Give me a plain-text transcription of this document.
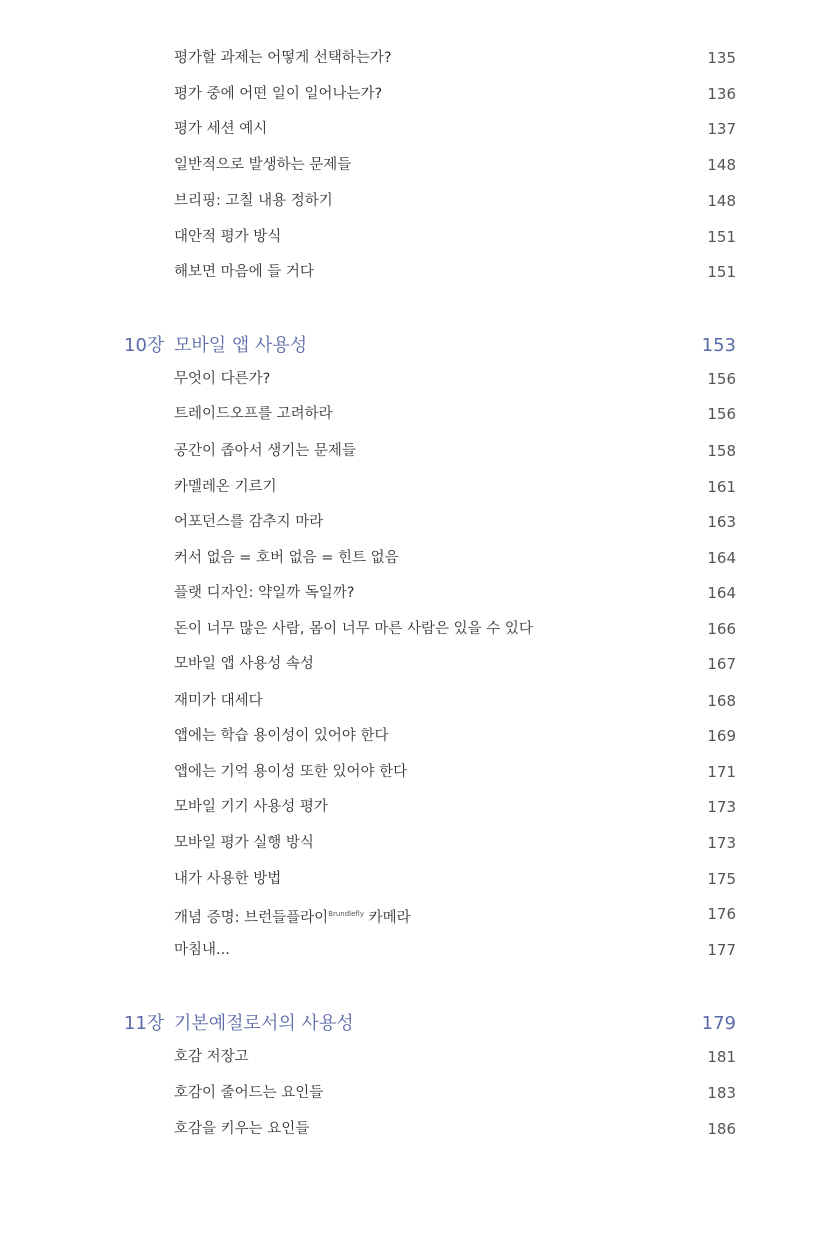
평가할 과제는 어떻게 선택하는가?	135
평가 중에 어떤 일이 일어나는가?	136
평가 세션 예시	137
일반적으로 발생하는 문제들	148
브리핑: 고칠 내용 정하기	148
대안적 평가 방식	151
해보면 마음에 들 거다	151
10장 모바일 앱 사용성	153
무엇이 다른가?	156
트레이드오프를 고려하라	156
공간이 좁아서 생기는 문제들	158
카멜레온 기르기	161
어포던스를 감추지 마라	163
커서 없음 = 호버 없음 = 힌트 없음	164
플랫 디자인: 약일까 독일까?	164
돈이 너무 많은 사람, 몸이 너무 마른 사람은 있을 수 있다	166
모바일 앱 사용성 속성	167
재미가 대세다	168
앱에는 학습 용이성이 있어야 한다	169
앱에는 기억 용이성 또한 있어야 한다	171
모바일 기기 사용성 평가	173
모바일 평가 실행 방식	173
내가 사용한 방법	175
개념 증명: 브런들플라이$^{Brundlefly}$ 카메라	176
마침내...	177
11장 기본예절로서의 사용성	179
호감 저장고	181
호감이 줄어드는 요인들	183
호감을 키우는 요인들	186
